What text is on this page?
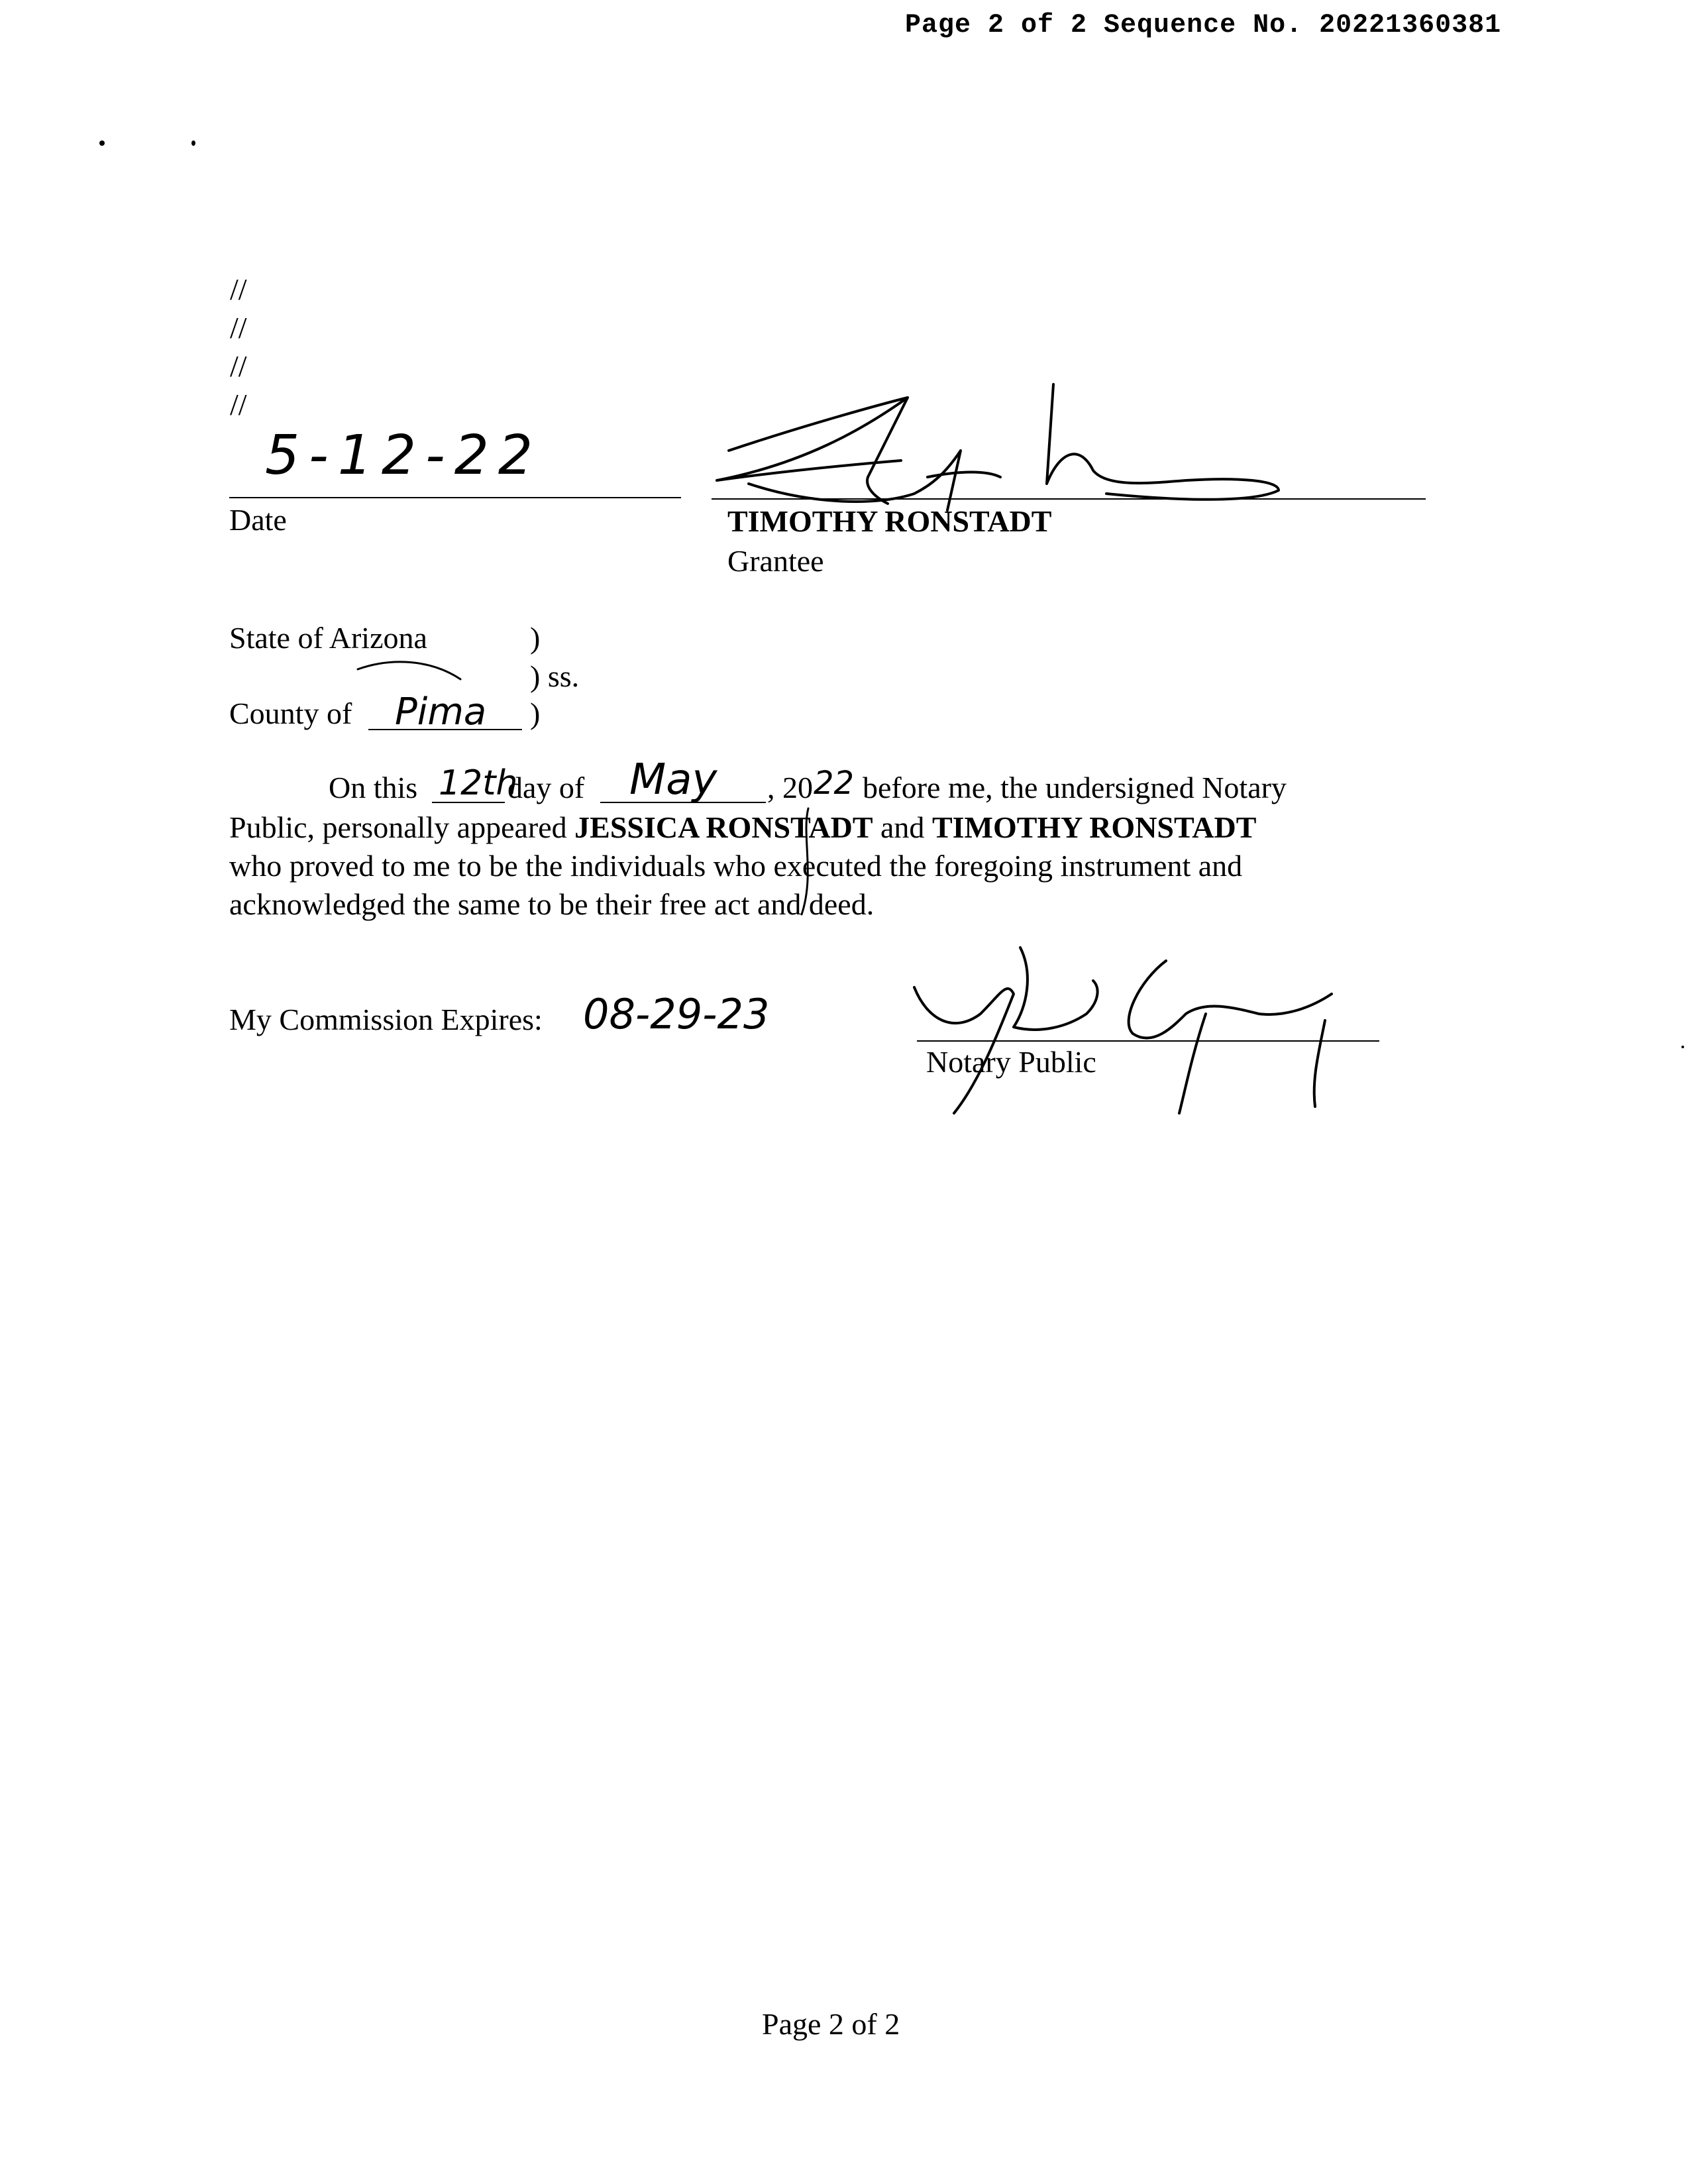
Page 2 of 2 Sequence No. 20221360381
//
//
//
//
5-12-22
Date	TIMOTHY RONSTADT
Grantee
State of Arizona	)
) ss.
County of Pima )
On this 12th
day of May , 20 22 before me, the undersigned Notary
Public, personally appeared JESSICA RONSTADT and TIMOTHY RONSTADT
who proved to me to be the individuals who executed the foregoing instrument and
acknowledged the same to be their free act and deed.
My Commission Expires: 08-29-23
Notary Public
Page 2 of 2
